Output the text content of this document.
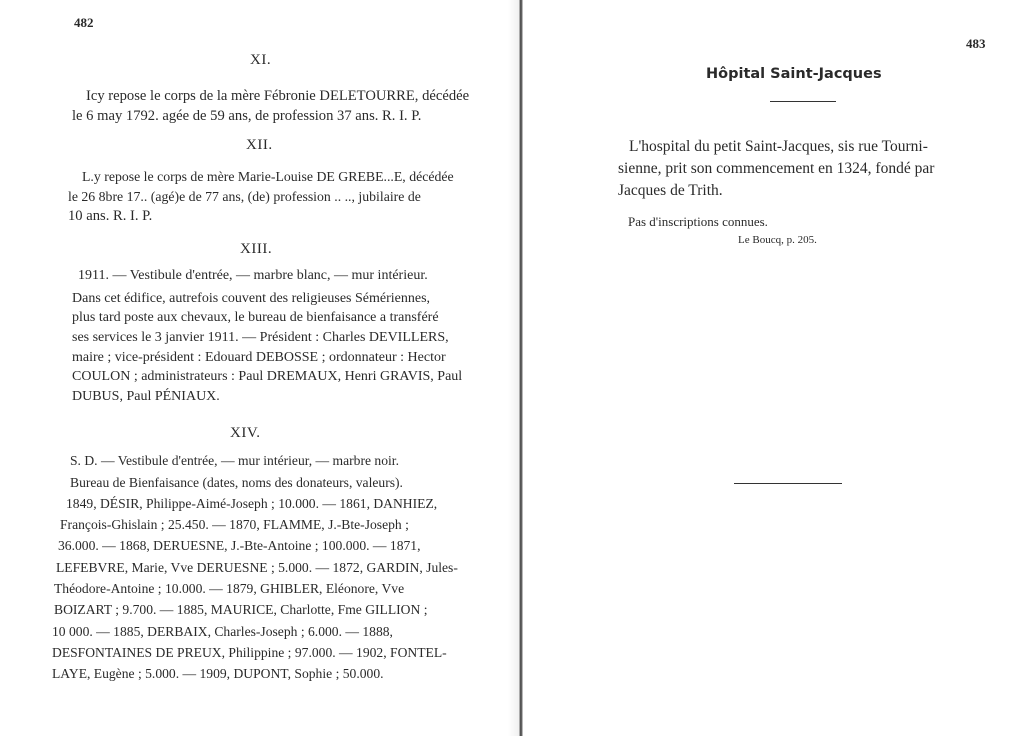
482
XI.
Icy repose le corps de la mère Fébronie DELETOURRE, décédée
le 6 may 1792. agée de 59 ans, de profession 37 ans. R. I. P.
XII.
L.y repose le corps de mère Marie-Louise DE GREBE...E, décédée
le 26 8bre 17.. (agé)e de 77 ans, (de) profession .. .., jubilaire de
10 ans. R. I. P.
XIII.
1911. — Vestibule d'entrée, — marbre blanc, — mur intérieur.
Dans cet édifice, autrefois couvent des religieuses Sémériennes,
plus tard poste aux chevaux, le bureau de bienfaisance a transféré
ses services le 3 janvier 1911. — Président : Charles DEVILLERS,
maire ; vice-président : Edouard DEBOSSE ; ordonnateur : Hector
COULON ; administrateurs : Paul DREMAUX, Henri GRAVIS, Paul
DUBUS, Paul PÉNIAUX.
XIV.
S. D. — Vestibule d'entrée, — mur intérieur, — marbre noir.
Bureau de Bienfaisance (dates, noms des donateurs, valeurs).
1849, DÉSIR, Philippe-Aimé-Joseph ; 10.000. — 1861, DANHIEZ,
François-Ghislain ; 25.450. — 1870, FLAMME, J.-Bte-Joseph ;
36.000. — 1868, DERUESNE, J.-Bte-Antoine ; 100.000. — 1871,
LEFEBVRE, Marie, Vve DERUESNE ; 5.000. — 1872, GARDIN, Jules-
Théodore-Antoine ; 10.000. — 1879, GHIBLER, Eléonore, Vve
BOIZART ; 9.700. — 1885, MAURICE, Charlotte, Fme GILLION ;
10 000. — 1885, DERBAIX, Charles-Joseph ; 6.000. — 1888,
DESFONTAINES DE PREUX, Philippine ; 97.000. — 1902, FONTEL-
LAYE, Eugène ; 5.000. — 1909, DUPONT, Sophie ; 50.000.
483
Hôpital Saint-Jacques
L'hospital du petit Saint-Jacques, sis rue Tourni-
sienne, prit son commencement en 1324, fondé par
Jacques de Trith.
Pas d'inscriptions connues.
Le Boucq, p. 205.
